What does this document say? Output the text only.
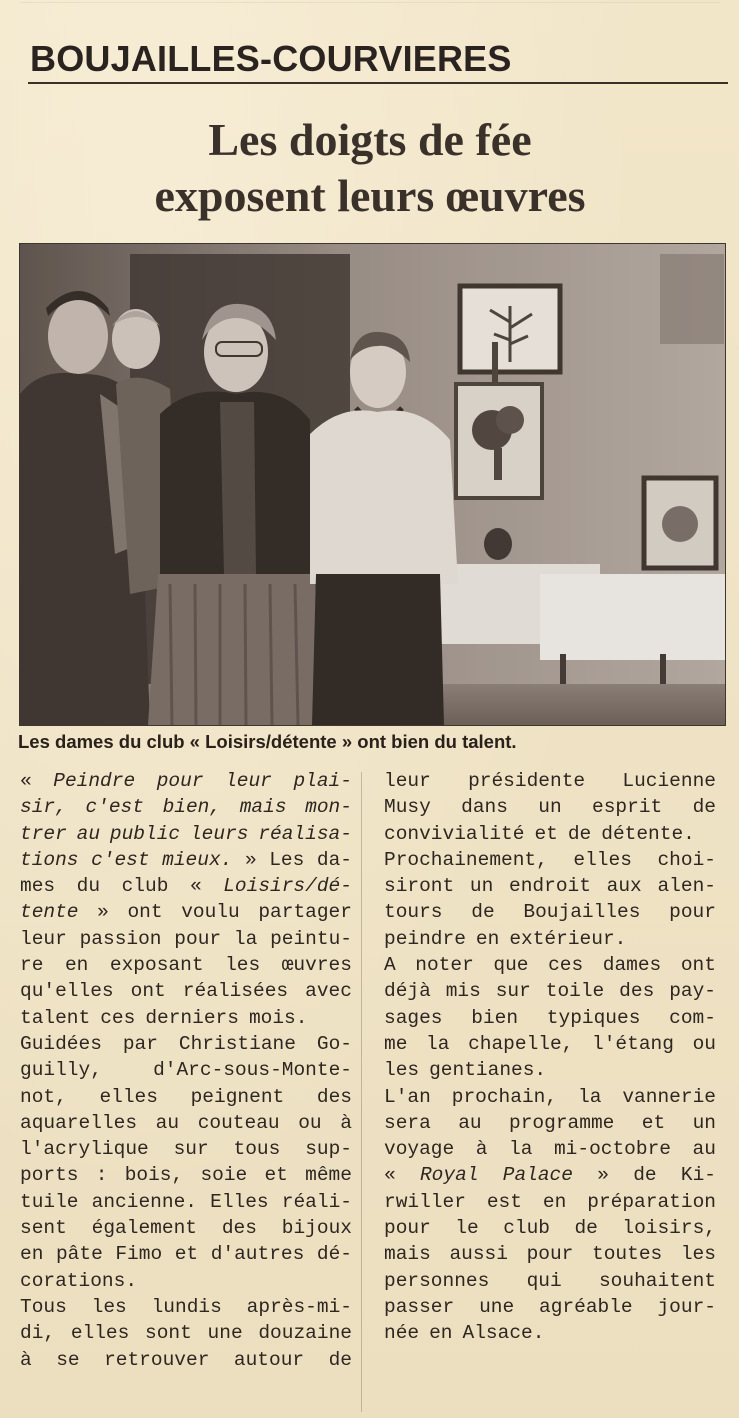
BOUJAILLES-COURVIERES
Les doigts de fée
exposent leurs œuvres
Les dames du club « Loisirs/détente » ont bien du talent.
« Peindre pour leur plai-
sir, c'est bien, mais mon-
trer au public leurs réalisa-
tions c'est mieux. » Les da-
mes du club « Loisirs/dé-
tente » ont voulu partager
leur passion pour la peintu-
re en exposant les œuvres
qu'elles ont réalisées avec
talent ces derniers mois.
Guidées par Christiane Go-
guilly,	d'Arc-sous-Monte-
not, elles peignent des
aquarelles au couteau ou à
l'acrylique sur tous sup-
ports : bois, soie et même
tuile ancienne. Elles réali-
sent également des bijoux
en pâte Fimo et d'autres dé-
corations.
Tous les lundis après-mi-
di, elles sont une douzaine
à se retrouver autour de
leur présidente Lucienne
Musy dans un esprit de
convivialité et de détente.
Prochainement, elles choi-
siront un endroit aux alen-
tours de Boujailles pour
peindre en extérieur.
A noter que ces dames ont
déjà mis sur toile des pay-
sages bien typiques com-
me la chapelle, l'étang ou
les gentianes.
L'an prochain, la vannerie
sera au programme et un
voyage à la mi-octobre au
« Royal Palace » de Ki-
rwiller est en préparation
pour le club de loisirs,
mais aussi pour toutes les
personnes qui souhaitent
passer une agréable jour-
née en Alsace.
